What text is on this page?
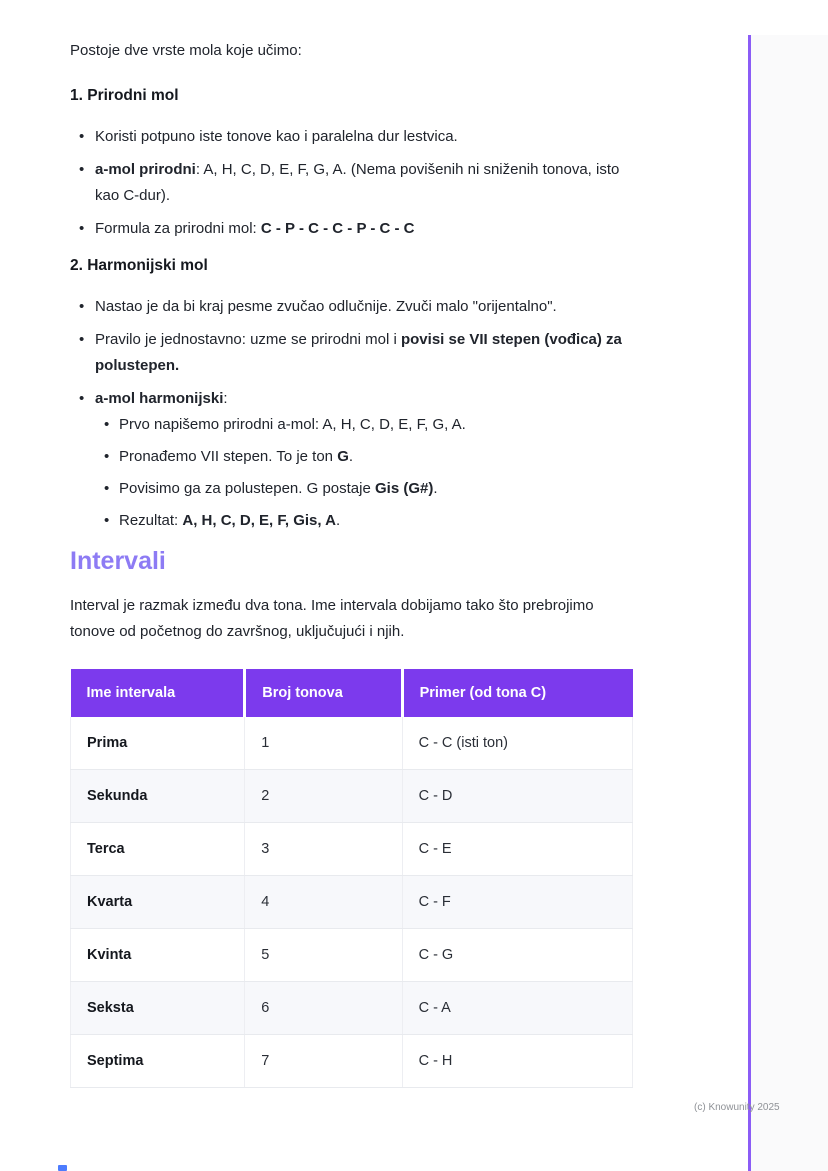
Postoje dve vrste mola koje učimo:

1. Prirodni mol
• Koristi potpuno iste tonove kao i paralelna dur lestvica.
• a-mol prirodni: A, H, C, D, E, F, G, A. (Nema povišenih ni sniženih tonova, isto kao C-dur).
• Formula za prirodni mol: C - P - C - C - P - C - C
2. Harmonijski mol
• Nastao je da bi kraj pesme zvučao odlučnije. Zvuči malo "orijentalno".
• Pravilo je jednostavno: uzme se prirodni mol i povisi se VII stepen (vođica) za polustepen.
• a-mol harmonijski:
• Prvo napišemo prirodni a-mol: A, H, C, D, E, F, G, A.
• Pronađemo VII stepen. To je ton G.
• Povisimo ga za polustepen. G postaje Gis (G#).
• Rezultat: A, H, C, D, E, F, Gis, A.
Intervali

Interval je razmak između dva tona. Ime intervala dobijamo tako što prebrojimo tonove od početnog do završnog, uključujući i njih.

Ime intervala	Broj tonova	Primer (od tona C)
Prima	1	C - C (isti ton)
Sekunda	2	C - D
Terca	3	C - E
Kvarta	4	C - F
Kvinta	5	C - G
Seksta	6	C - A
Septima	7	C - H
(c) Knowunity 2025
